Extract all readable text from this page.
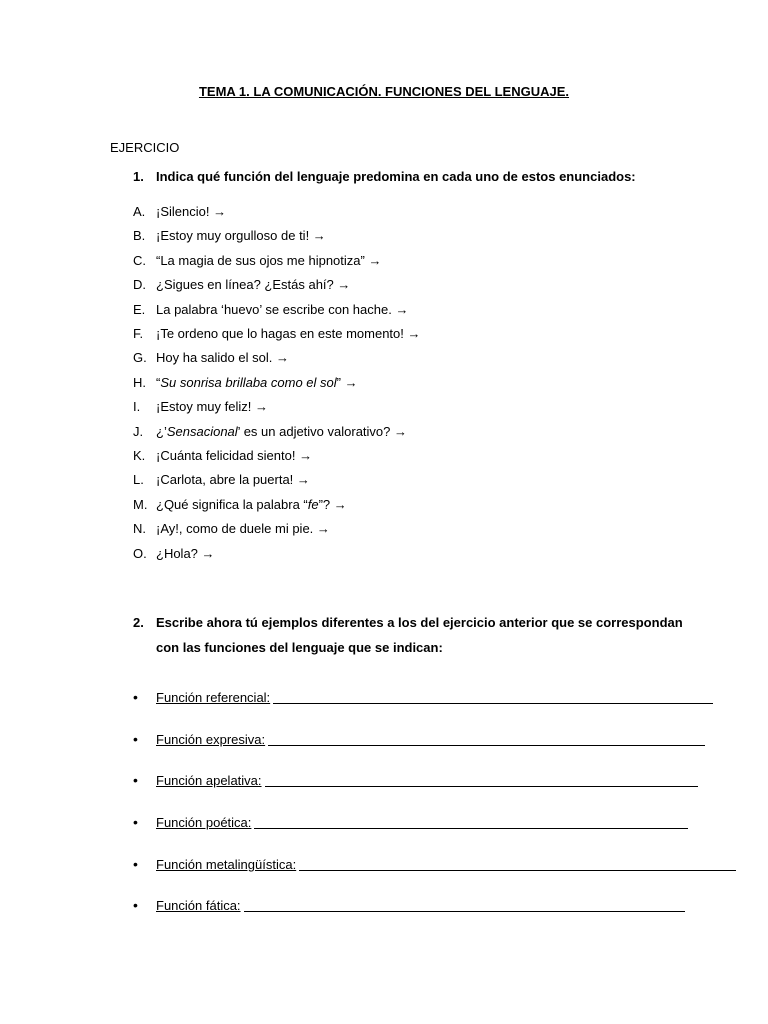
TEMA 1. LA COMUNICACIÓN. FUNCIONES DEL LENGUAJE.
EJERCICIO
1. Indica qué función del lenguaje predomina en cada uno de estos enunciados:
A. ¡Silencio! →
B. ¡Estoy muy orgulloso de ti! →
C. “La magia de sus ojos me hipnotiza” →
D. ¿Sigues en línea? ¿Estás ahí? →
E. La palabra ‘huevo’ se escribe con hache. →
F. ¡Te ordeno que lo hagas en este momento! →
G. Hoy ha salido el sol. →
H. “Su sonrisa brillaba como el sol” →
I. ¡Estoy muy feliz! →
J. ¿’Sensacional’ es un adjetivo valorativo? →
K. ¡Cuánta felicidad siento! →
L. ¡Carlota, abre la puerta! →
M. ¿Qué significa la palabra “fe”? →
N. ¡Ay!, como de duele mi pie. →
O. ¿Hola? →
2. Escribe ahora tú ejemplos diferentes a los del ejercicio anterior que se correspondan
con las funciones del lenguaje que se indican:
• Función referencial:
• Función expresiva:
• Función apelativa:
• Función poética:
• Función metalingüística:
• Función fática:
